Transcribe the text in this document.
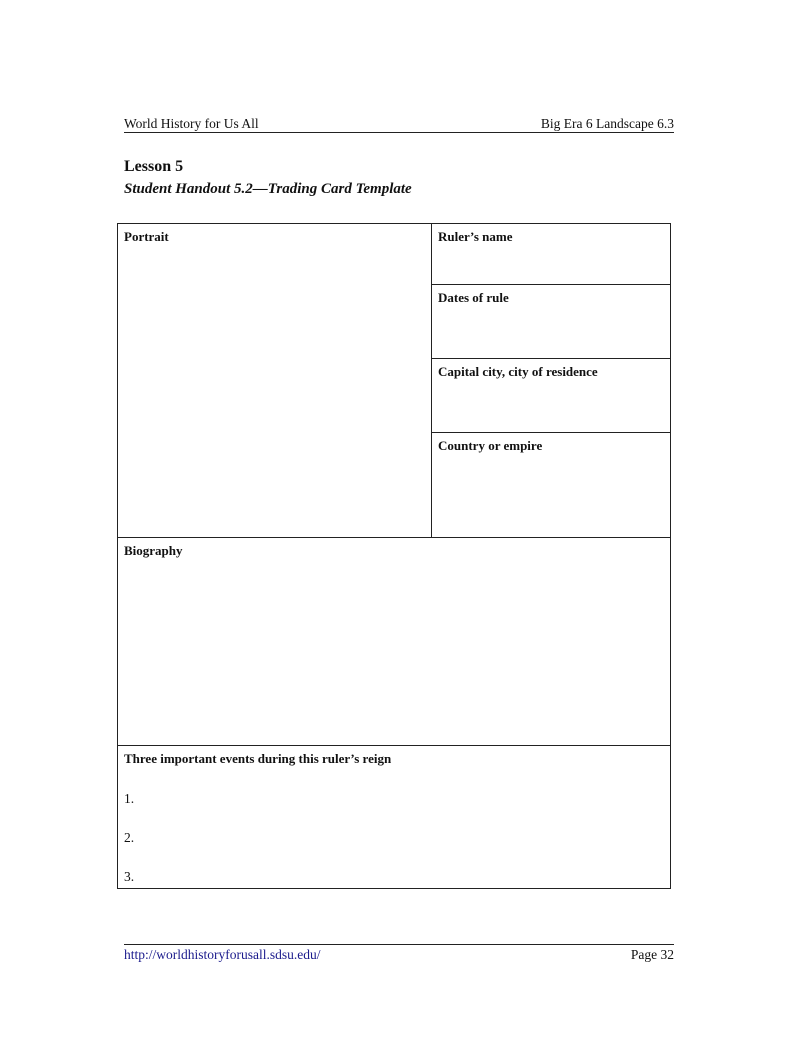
World History for Us All	Big Era 6 Landscape 6.3
Lesson 5
Student Handout 5.2—Trading Card Template
Portrait	Ruler’s name
Dates of rule
Capital city, city of residence
Country or empire
Biography
Three important events during this ruler’s reign
1.
2.
3.
http://worldhistoryforusall.sdsu.edu/	Page 32
